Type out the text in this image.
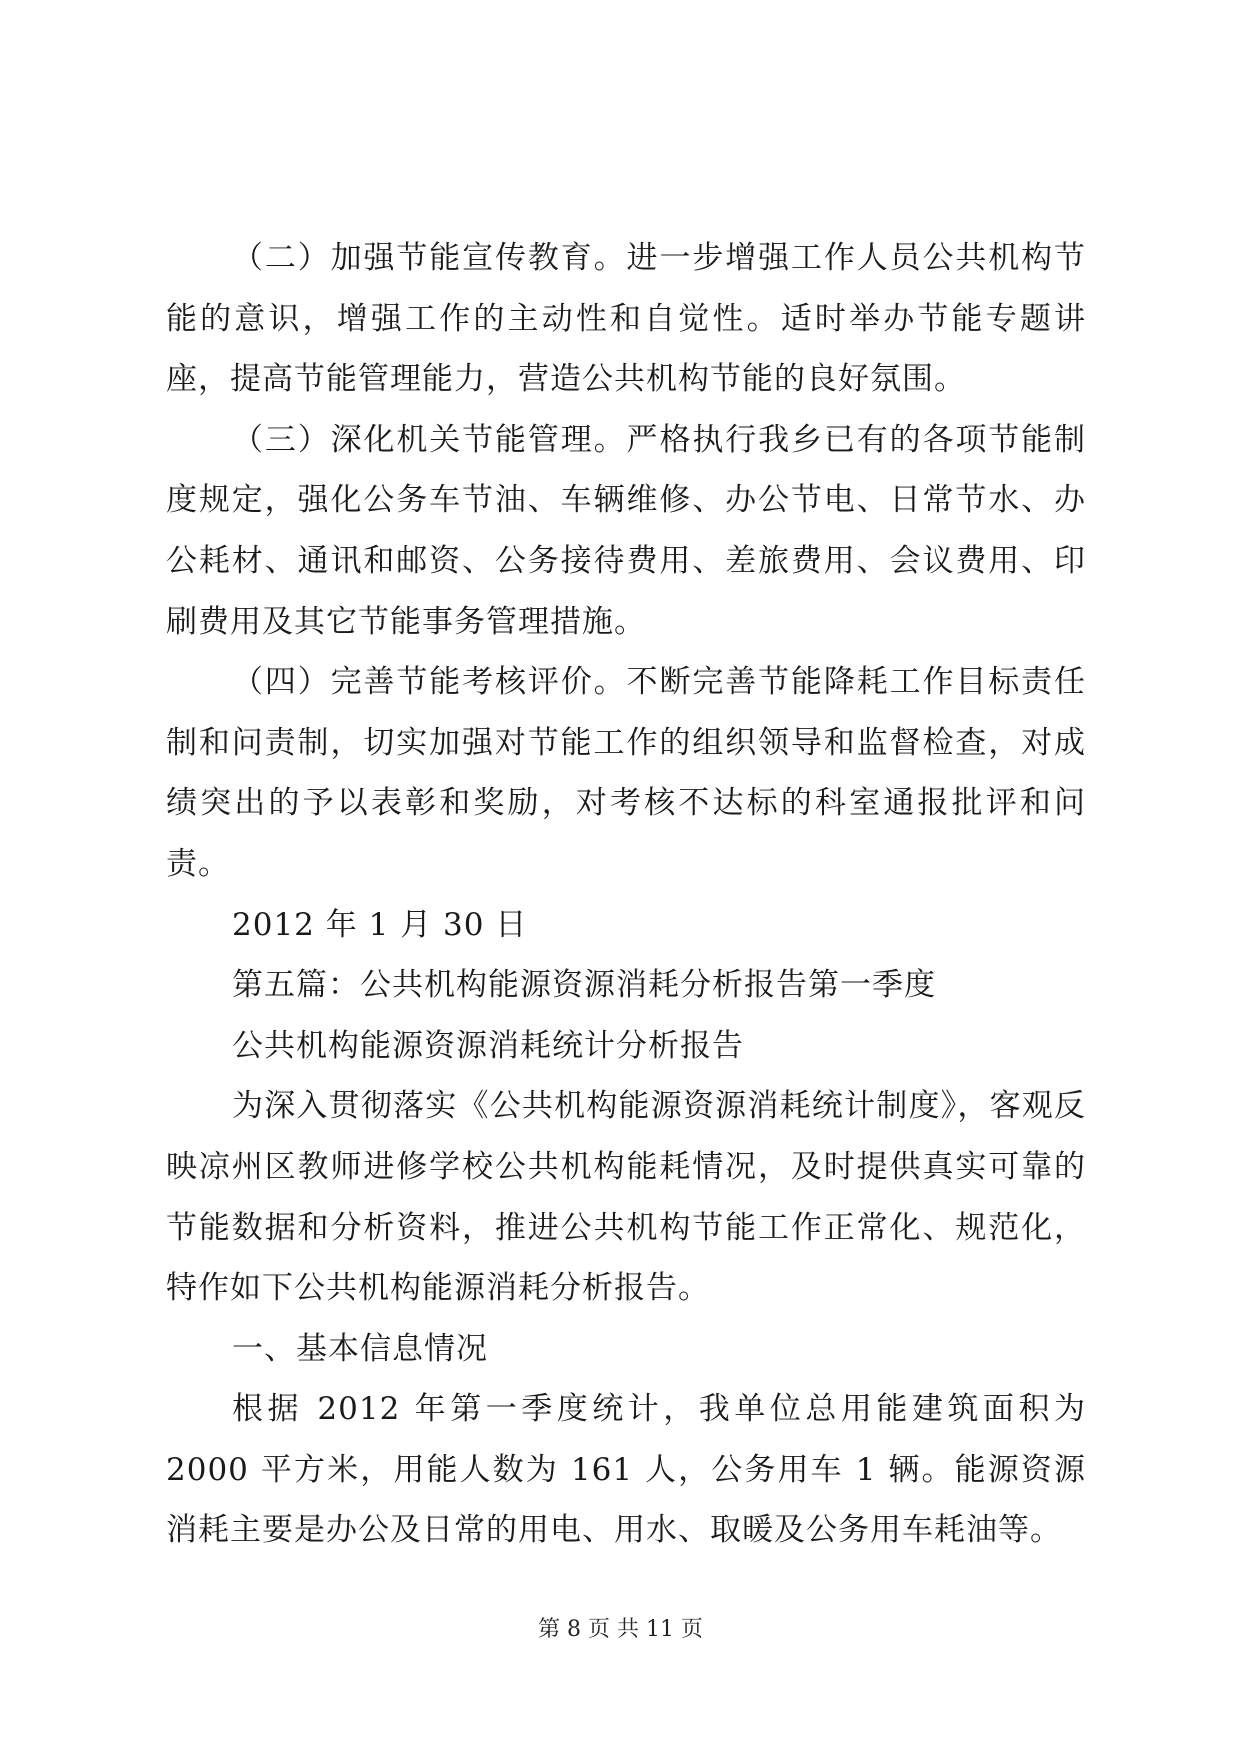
（二）加强节能宣传教育。进一步增强工作人员公共机构节能的意识，增强工作的主动性和自觉性。适时举办节能专题讲座，提高节能管理能力，营造公共机构节能的良好氛围。

（三）深化机关节能管理。严格执行我乡已有的各项节能制度规定，强化公务车节油、车辆维修、办公节电、日常节水、办公耗材、通讯和邮资、公务接待费用、差旅费用、会议费用、印刷费用及其它节能事务管理措施。

（四）完善节能考核评价。不断完善节能降耗工作目标责任制和问责制，切实加强对节能工作的组织领导和监督检查，对成绩突出的予以表彰和奖励，对考核不达标的科室通报批评和问责。

2012 年 1 月 30 日

第五篇：公共机构能源资源消耗分析报告第一季度

公共机构能源资源消耗统计分析报告

为深入贯彻落实《公共机构能源资源消耗统计制度》，客观反映凉州区教师进修学校公共机构能耗情况，及时提供真实可靠的节能数据和分析资料，推进公共机构节能工作正常化、规范化，特作如下公共机构能源消耗分析报告。

一、基本信息情况

根据 2012 年第一季度统计，我单位总用能建筑面积为 2000 平方米，用能人数为 161 人，公务用车 1 辆。能源资源消耗主要是办公及日常的用电、用水、取暖及公务用车耗油等。

第 8 页 共 11 页
